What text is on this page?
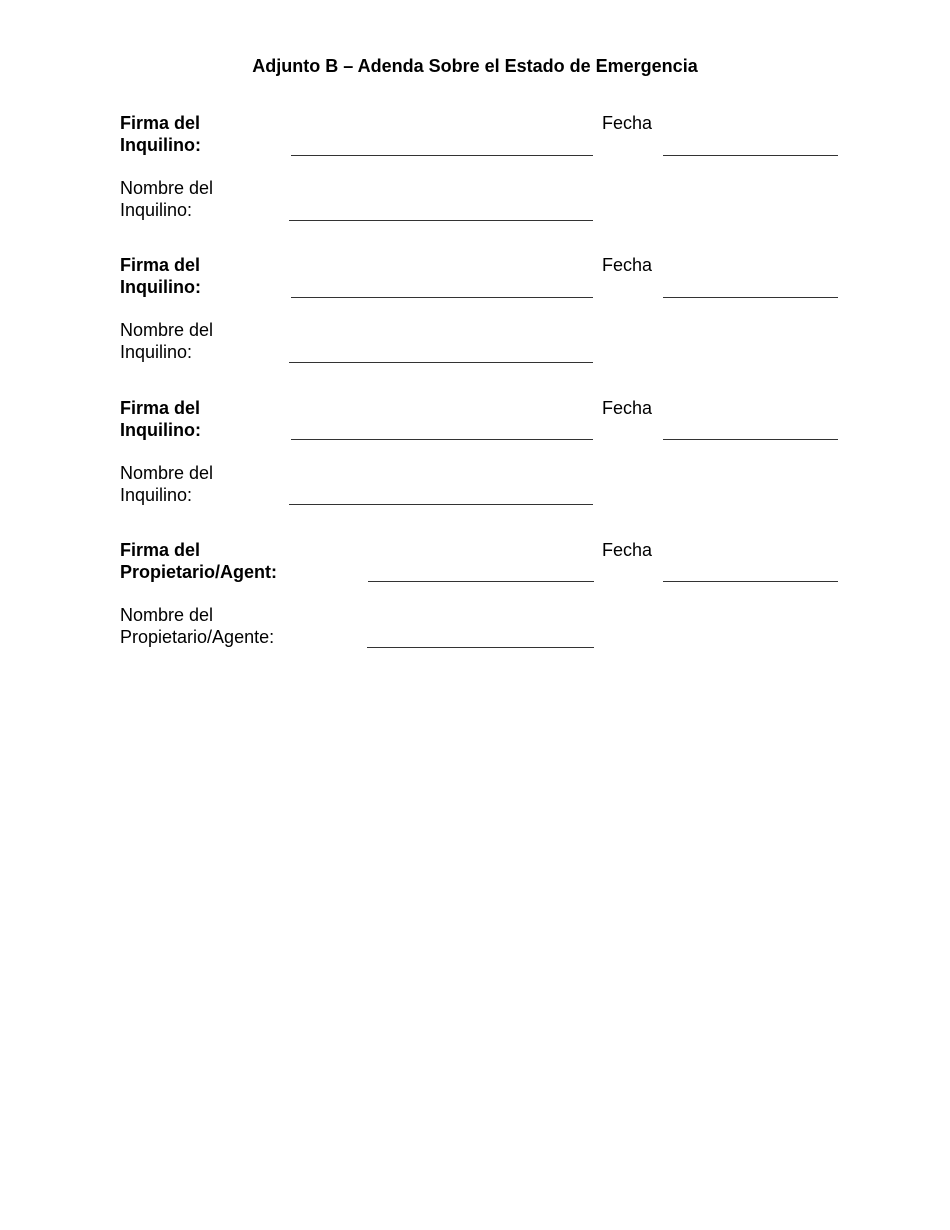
Adjunto B – Adenda Sobre el Estado de Emergencia
Firma del
Inquilino:
Fecha
Nombre del
Inquilino:
Firma del
Inquilino:
Fecha
Nombre del
Inquilino:
Firma del
Inquilino:
Fecha
Nombre del
Inquilino:
Firma del
Propietario/Agent:
Fecha
Nombre del
Propietario/Agente:
